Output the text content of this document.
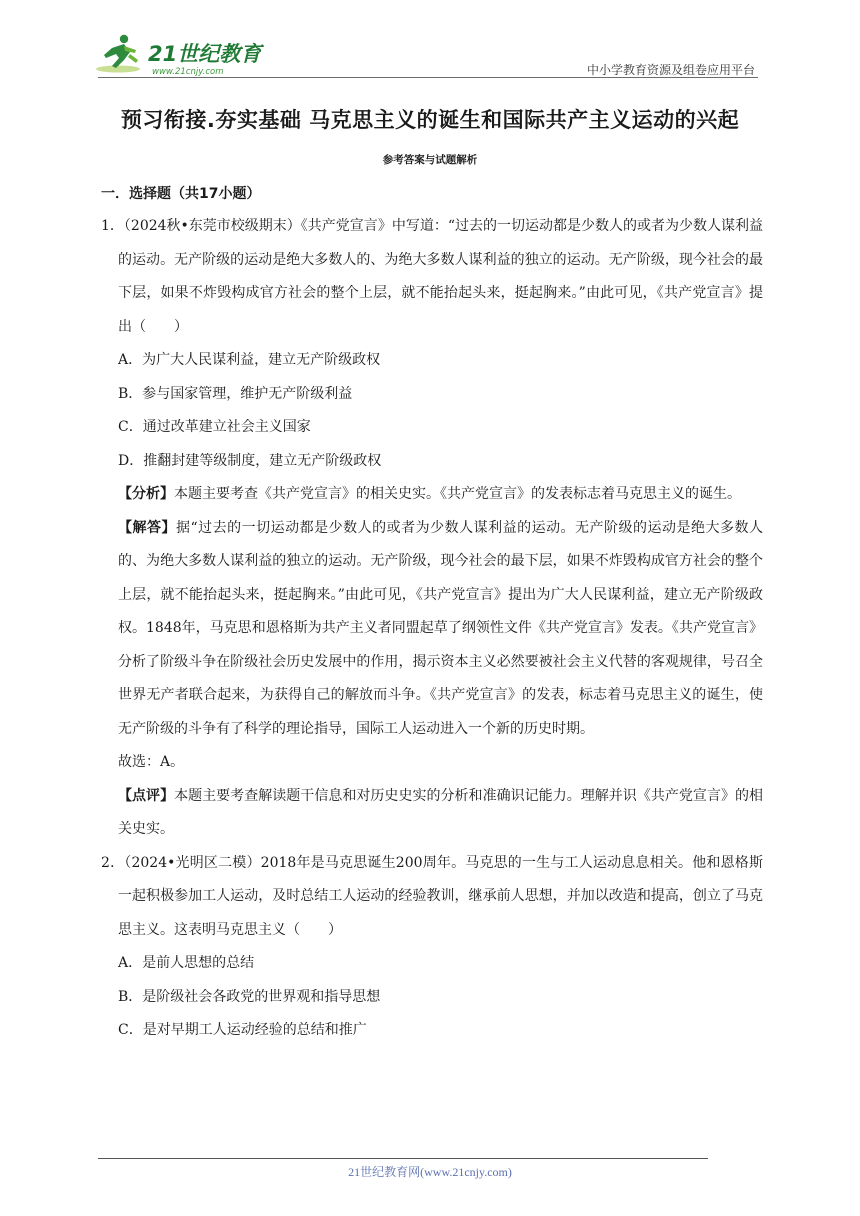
21世纪教育
www.21cnjy.com	中小学教育资源及组卷应用平台
预习衔接.夯实基础 马克思主义的诞生和国际共产主义运动的兴起
参考答案与试题解析
一．选择题（共17小题）
1．（2024秋•东莞市校级期末）《共产党宣言》中写道：“过去的一切运动都是少数人的或者为少数人谋利益的运动。无产阶级的运动是绝大多数人的、为绝大多数人谋利益的独立的运动。无产阶级，现今社会的最下层，如果不炸毁构成官方社会的整个上层，就不能抬起头来，挺起胸来。”由此可见，《共产党宣言》提出（　　）
A．为广大人民谋利益，建立无产阶级政权
B．参与国家管理，维护无产阶级利益
C．通过改革建立社会主义国家
D．推翻封建等级制度，建立无产阶级政权
【分析】本题主要考查《共产党宣言》的相关史实。《共产党宣言》的发表标志着马克思主义的诞生。
【解答】据“过去的一切运动都是少数人的或者为少数人谋利益的运动。无产阶级的运动是绝大多数人的、为绝大多数人谋利益的独立的运动。无产阶级，现今社会的最下层，如果不炸毁构成官方社会的整个上层，就不能抬起头来，挺起胸来。”由此可见，《共产党宣言》提出为广大人民谋利益，建立无产阶级政权。1848年，马克思和恩格斯为共产主义者同盟起草了纲领性文件《共产党宣言》发表。《共产党宣言》分析了阶级斗争在阶级社会历史发展中的作用，揭示资本主义必然要被社会主义代替的客观规律，号召全世界无产者联合起来，为获得自己的解放而斗争。《共产党宣言》的发表，标志着马克思主义的诞生，使无产阶级的斗争有了科学的理论指导，国际工人运动进入一个新的历史时期。
故选：A。
【点评】本题主要考查解读题干信息和对历史史实的分析和准确识记能力。理解并识《共产党宣言》的相关史实。
2．（2024•光明区二模）2018年是马克思诞生200周年。马克思的一生与工人运动息息相关。他和恩格斯一起积极参加工人运动，及时总结工人运动的经验教训，继承前人思想，并加以改造和提高，创立了马克思主义。这表明马克思主义（　　）
A．是前人思想的总结
B．是阶级社会各政党的世界观和指导思想
C．是对早期工人运动经验的总结和推广
21世纪教育网(www.21cnjy.com)
